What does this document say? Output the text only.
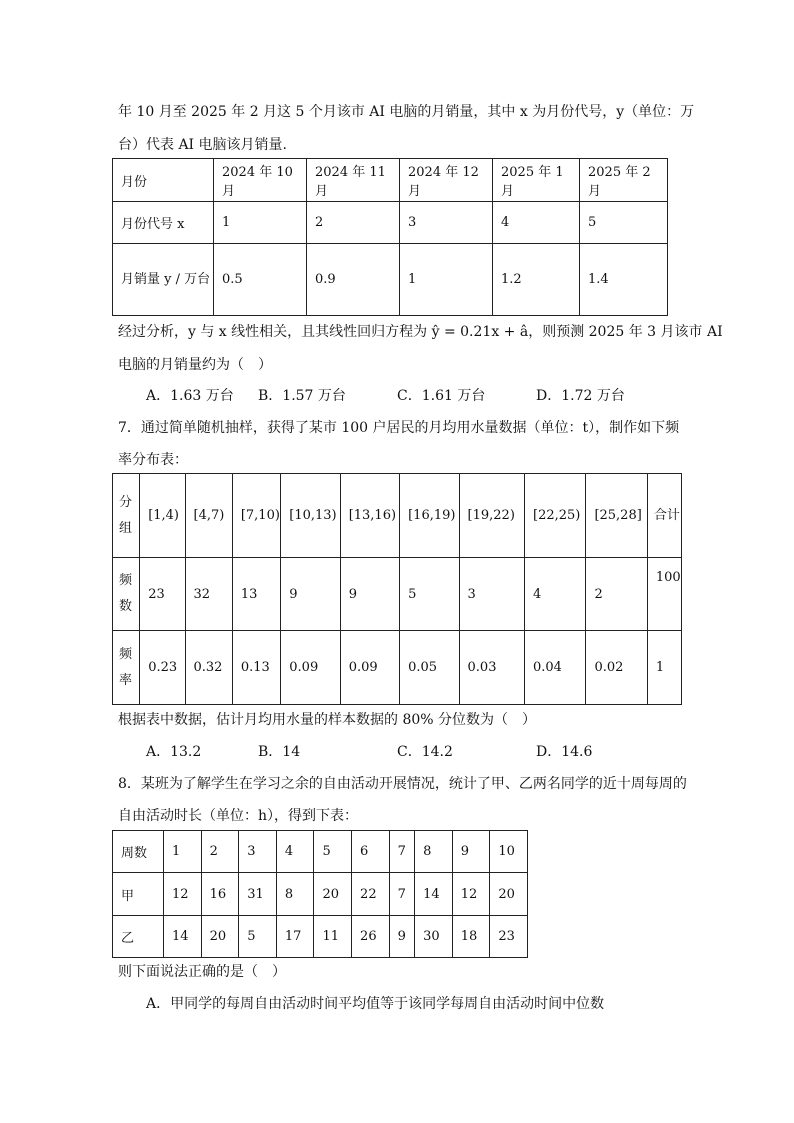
年 10 月至 2025 年 2 月这 5 个月该市 AI 电脑的月销量，其中 x 为月份代号，y（单位：万
台）代表 AI 电脑该月销量.
月份	2024 年 10 月	2024 年 11 月	2024 年 12 月	2025 年 1 月	2025 年 2 月
月份代号 x	1	2	3	4	5
月销量 y / 万台	0.5	0.9	1	1.2	1.4
经过分析，y 与 x 线性相关，且其线性回归方程为 ŷ = 0.21x + â，则预测 2025 年 3 月该市 AI
电脑的月销量约为（　）
A．1.63 万台 B．1.57 万台	C．1.61 万台	D．1.72 万台
7．通过简单随机抽样，获得了某市 100 户居民的月均用水量数据（单位：t），制作如下频
率分布表：
分组	[1,4)	[4,7)	[7,10)	[10,13)	[13,16)	[16,19)	[19,22)	[22,25)	[25,28]	合计
频数	23	32	13	9	9	5	3	4	2	100
频率	0.23	0.32	0.13	0.09	0.09	0.05	0.03	0.04	0.02	1
根据表中数据，估计月均用水量的样本数据的 80% 分位数为（　）
A．13.2	B．14	C．14.2	D．14.6
8．某班为了解学生在学习之余的自由活动开展情况，统计了甲、乙两名同学的近十周每周的
自由活动时长（单位：h），得到下表：
周数	1	2	3	4	5	6	7	8	9	10
甲	12	16	31	8	20	22	7	14	12	20
乙	14	20	5	17	11	26	9	30	18	23
则下面说法正确的是（　）
A．甲同学的每周自由活动时间平均值等于该同学每周自由活动时间中位数
